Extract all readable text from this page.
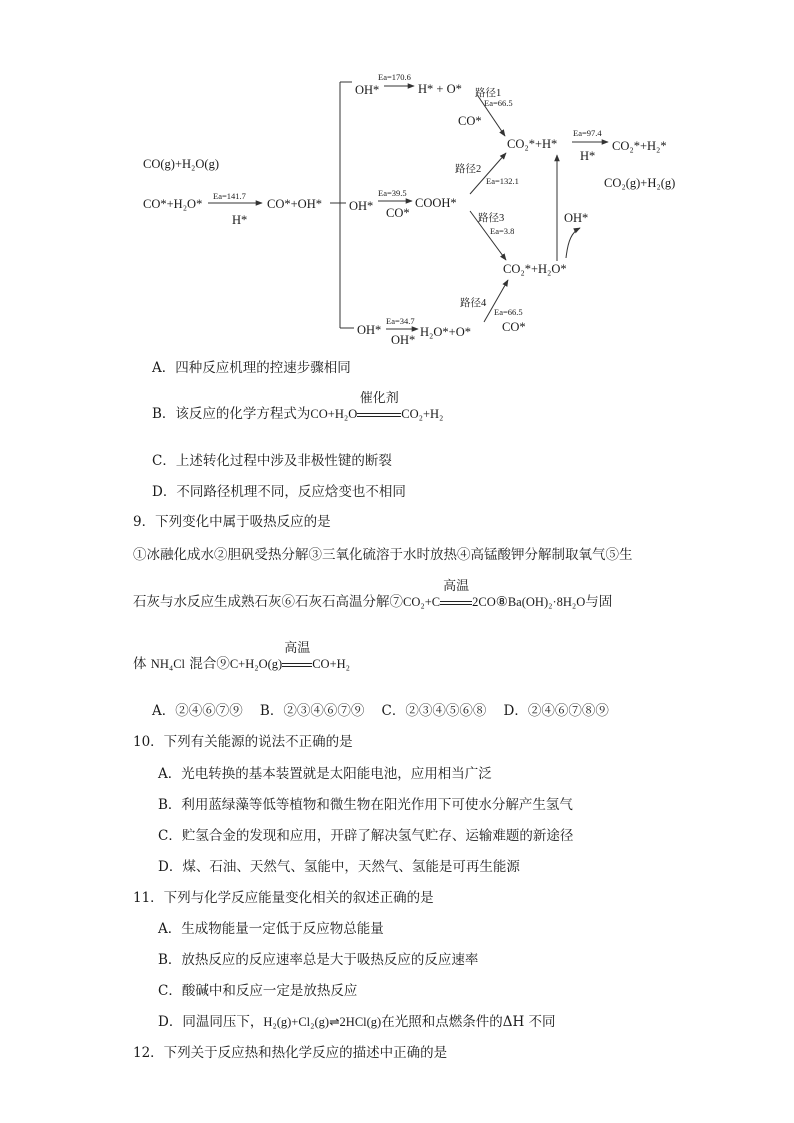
CO(g)+H₂O(g)
CO*+H₂O*
Ea=141.7
H*
CO*+OH*
OH*
Ea=170.6
H* + O* 路径1
Ea=66.5
CO*
OH*
Ea=39.5
CO*
COOH*
路径2
Ea=132.1
路径3
Ea=3.8
OH*
Ea=34.7
OH*
H₂O*+O*
路径4
Ea=66.5
CO*
CO₂*+H*
Ea=97.4
H*
CO₂*+H₂*
CO₂(g)+H₂(g)
CO₂*+H₂O*
OH*
A．四种反应机理的控速步骤相同
B．该反应的化学方程式为CO+H₂O
催化剂
CO₂+H₂
C．上述转化过程中涉及非极性键的断裂
D．不同路径机理不同，反应焓变也不相同
9．下列变化中属于吸热反应的是
①冰融化成水②胆矾受热分解③三氧化硫溶于水时放热④高锰酸钾分解制取氧气⑤生
石灰与水反应生成熟石灰⑥石灰石高温分解⑦CO₂+C
高温
2CO⑧Ba(OH)₂·8H₂O与固
体 NH₄Cl 混合⑨C+H₂O(g)
高温
CO+H₂
A．②④⑥⑦⑨    B．②③④⑥⑦⑨    C．②③④⑤⑥⑧    D．②④⑥⑦⑧⑨
10．下列有关能源的说法不正确的是
A．光电转换的基本装置就是太阳能电池，应用相当广泛
B．利用蓝绿藻等低等植物和微生物在阳光作用下可使水分解产生氢气
C．贮氢合金的发现和应用，开辟了解决氢气贮存、运输难题的新途径
D．煤、石油、天然气、氢能中，天然气、氢能是可再生能源
11．下列与化学反应能量变化相关的叙述正确的是
A．生成物能量一定低于反应物总能量
B．放热反应的反应速率总是大于吸热反应的反应速率
C．酸碱中和反应一定是放热反应
D．同温同压下，H₂(g)+Cl₂(g)⇌2HCl(g)在光照和点燃条件的ΔH 不同
12．下列关于反应热和热化学反应的描述中正确的是
